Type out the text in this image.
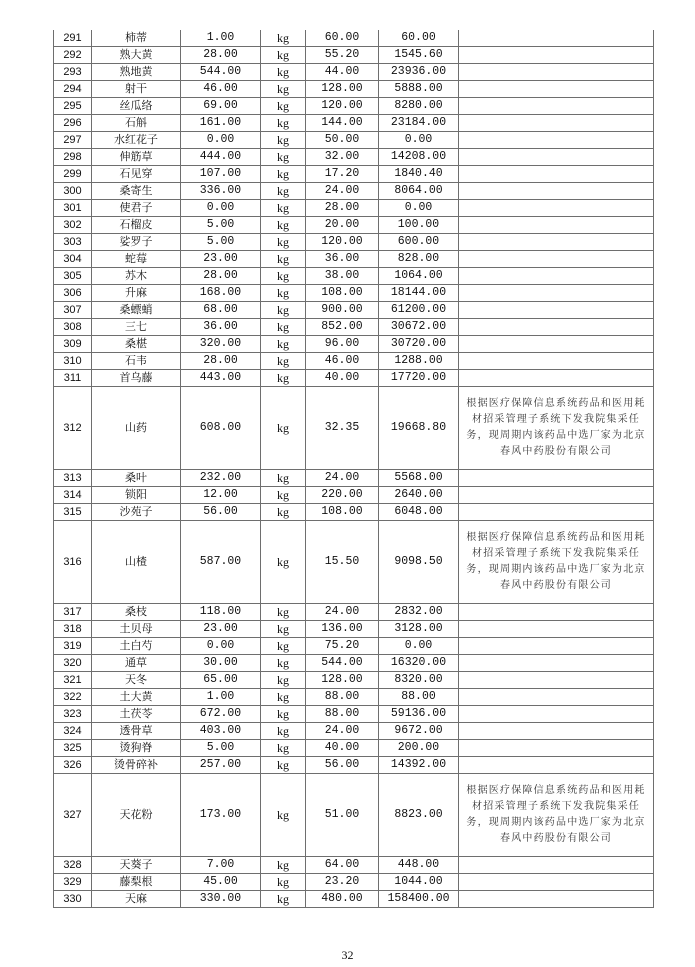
291	柿蒂	1.00	kg	60.00	60.00	
292	熟大黄	28.00	kg	55.20	1545.60	
293	熟地黄	544.00	kg	44.00	23936.00	
294	射干	46.00	kg	128.00	5888.00	
295	丝瓜络	69.00	kg	120.00	8280.00	
296	石斛	161.00	kg	144.00	23184.00	
297	水红花子	0.00	kg	50.00	0.00	
298	伸筋草	444.00	kg	32.00	14208.00	
299	石见穿	107.00	kg	17.20	1840.40	
300	桑寄生	336.00	kg	24.00	8064.00	
301	使君子	0.00	kg	28.00	0.00	
302	石榴皮	5.00	kg	20.00	100.00	
303	娑罗子	5.00	kg	120.00	600.00	
304	蛇莓	23.00	kg	36.00	828.00	
305	苏木	28.00	kg	38.00	1064.00	
306	升麻	168.00	kg	108.00	18144.00	
307	桑螵蛸	68.00	kg	900.00	61200.00	
308	三七	36.00	kg	852.00	30672.00	
309	桑椹	320.00	kg	96.00	30720.00	
310	石韦	28.00	kg	46.00	1288.00	
311	首乌藤	443.00	kg	40.00	17720.00	
312	山药	608.00	kg	32.35	19668.80	根据医疗保障信息系统药品和医用耗材招采管理子系统下发我院集采任务，现周期内该药品中选厂家为北京春风中药股份有限公司
313	桑叶	232.00	kg	24.00	5568.00	
314	锁阳	12.00	kg	220.00	2640.00	
315	沙苑子	56.00	kg	108.00	6048.00	
316	山楂	587.00	kg	15.50	9098.50	根据医疗保障信息系统药品和医用耗材招采管理子系统下发我院集采任务，现周期内该药品中选厂家为北京春风中药股份有限公司
317	桑枝	118.00	kg	24.00	2832.00	
318	土贝母	23.00	kg	136.00	3128.00	
319	土白芍	0.00	kg	75.20	0.00	
320	通草	30.00	kg	544.00	16320.00	
321	天冬	65.00	kg	128.00	8320.00	
322	土大黄	1.00	kg	88.00	88.00	
323	土茯苓	672.00	kg	88.00	59136.00	
324	透骨草	403.00	kg	24.00	9672.00	
325	烫狗脊	5.00	kg	40.00	200.00	
326	烫骨碎补	257.00	kg	56.00	14392.00	
327	天花粉	173.00	kg	51.00	8823.00	根据医疗保障信息系统药品和医用耗材招采管理子系统下发我院集采任务，现周期内该药品中选厂家为北京春风中药股份有限公司
328	天葵子	7.00	kg	64.00	448.00	
329	藤梨根	45.00	kg	23.20	1044.00	
330	天麻	330.00	kg	480.00	158400.00	
32
